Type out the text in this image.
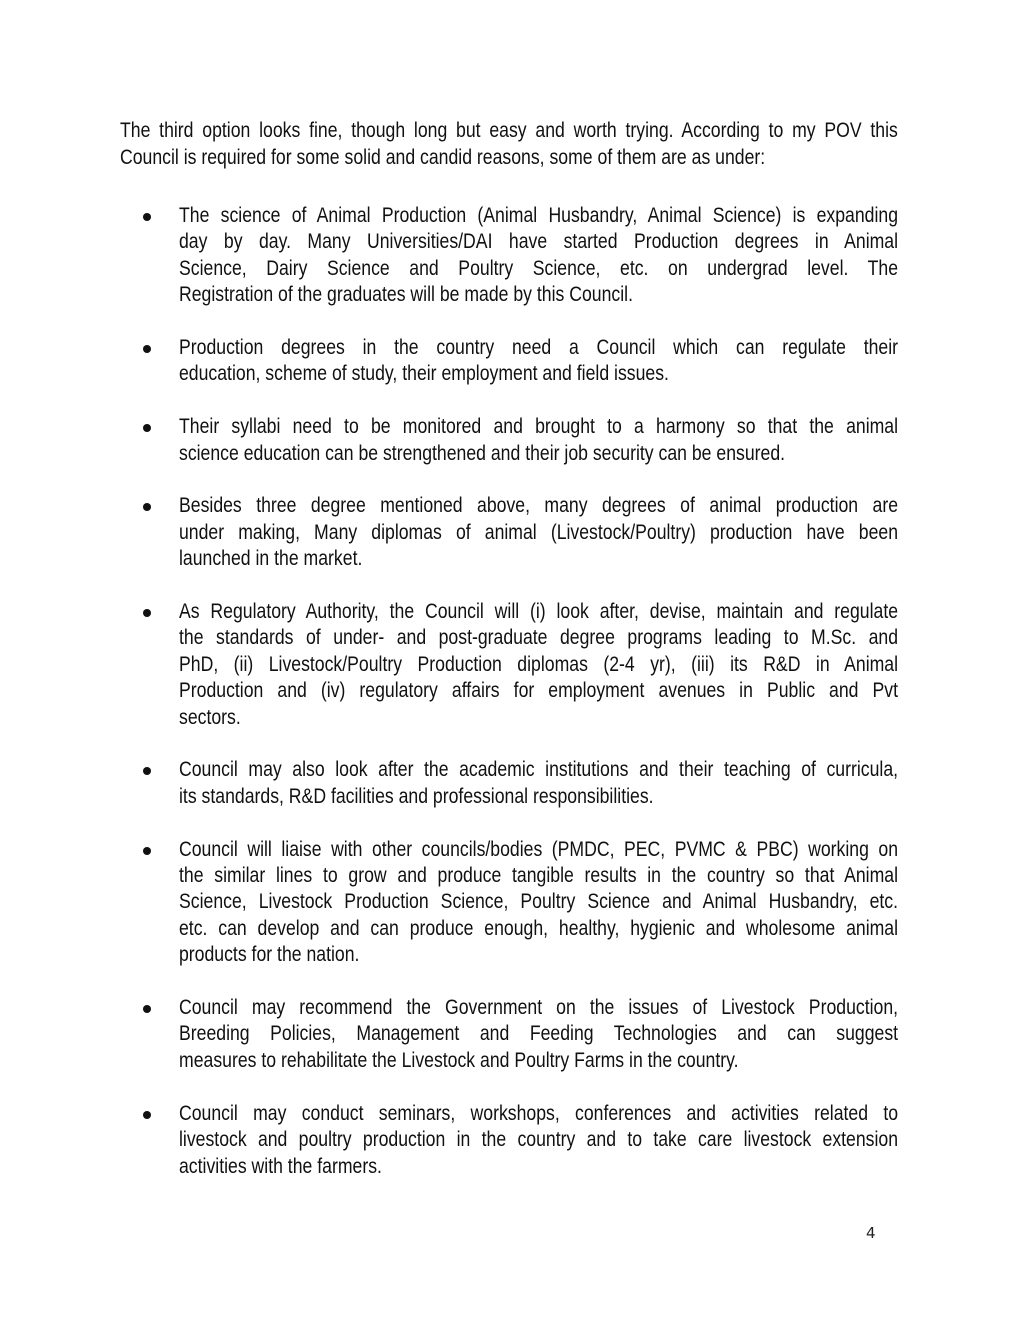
The third option looks fine, though long but easy and worth trying. According to my POV this
Council is required for some solid and candid reasons, some of them are as under:
The science of Animal Production (Animal Husbandry, Animal Science) is expanding
day by day. Many Universities/DAI have started Production degrees in Animal
Science, Dairy Science and Poultry Science, etc. on undergrad level. The
Registration of the graduates will be made by this Council.
Production degrees in the country need a Council which can regulate their
education, scheme of study, their employment and field issues.
Their syllabi need to be monitored and brought to a harmony so that the animal
science education can be strengthened and their job security can be ensured.
Besides three degree mentioned above, many degrees of animal production are
under making, Many diplomas of animal (Livestock/Poultry) production have been
launched in the market.
As Regulatory Authority, the Council will (i) look after, devise, maintain and regulate
the standards of under- and post-graduate degree programs leading to M.Sc. and
PhD, (ii) Livestock/Poultry Production diplomas (2-4 yr), (iii) its R&D in Animal
Production and (iv) regulatory affairs for employment avenues in Public and Pvt
sectors.
Council may also look after the academic institutions and their teaching of curricula,
its standards, R&D facilities and professional responsibilities.
Council will liaise with other councils/bodies (PMDC, PEC, PVMC & PBC) working on
the similar lines to grow and produce tangible results in the country so that Animal
Science, Livestock Production Science, Poultry Science and Animal Husbandry, etc.
etc. can develop and can produce enough, healthy, hygienic and wholesome animal
products for the nation.
Council may recommend the Government on the issues of Livestock Production,
Breeding Policies, Management and Feeding Technologies and can suggest
measures to rehabilitate the Livestock and Poultry Farms in the country.
Council may conduct seminars, workshops, conferences and activities related to
livestock and poultry production in the country and to take care livestock extension
activities with the farmers.
4
